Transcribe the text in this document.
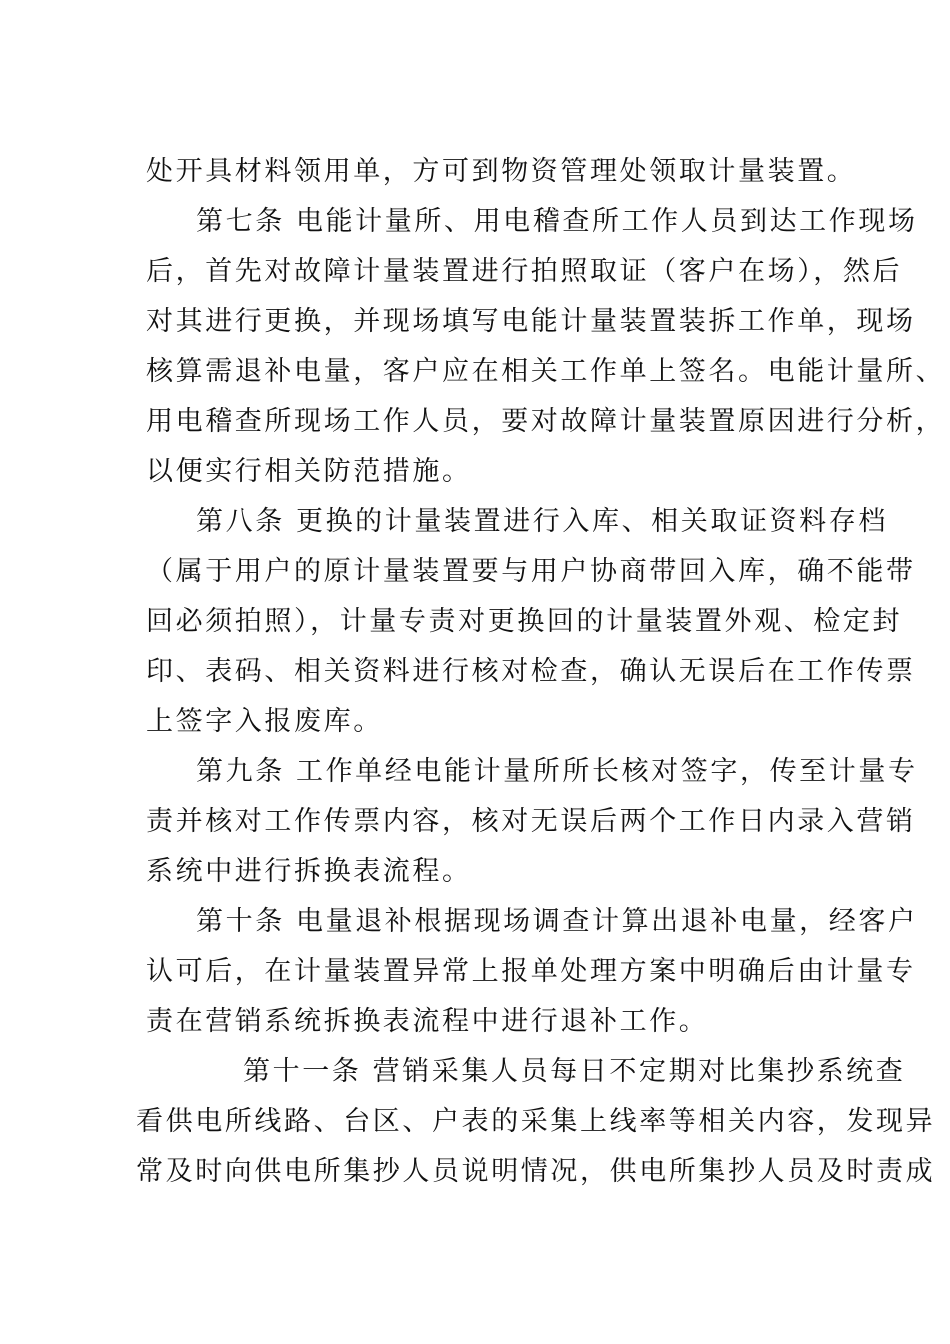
处开具材料领用单，方可到物资管理处领取计量装置。
第七条 电能计量所、用电稽查所工作人员到达工作现场
后，首先对故障计量装置进行拍照取证（客户在场），然后
对其进行更换，并现场填写电能计量装置装拆工作单，现场
核算需退补电量，客户应在相关工作单上签名。电能计量所、
用电稽查所现场工作人员，要对故障计量装置原因进行分析，
以便实行相关防范措施。
第八条 更换的计量装置进行入库、相关取证资料存档
（属于用户的原计量装置要与用户协商带回入库，确不能带
回必须拍照），计量专责对更换回的计量装置外观、检定封
印、表码、相关资料进行核对检查，确认无误后在工作传票
上签字入报废库。
第九条 工作单经电能计量所所长核对签字，传至计量专
责并核对工作传票内容，核对无误后两个工作日内录入营销
系统中进行拆换表流程。
第十条 电量退补根据现场调查计算出退补电量，经客户
认可后，在计量装置异常上报单处理方案中明确后由计量专
责在营销系统拆换表流程中进行退补工作。
第十一条 营销采集人员每日不定期对比集抄系统查
看供电所线路、台区、户表的采集上线率等相关内容，发现异
常及时向供电所集抄人员说明情况，供电所集抄人员及时责成
